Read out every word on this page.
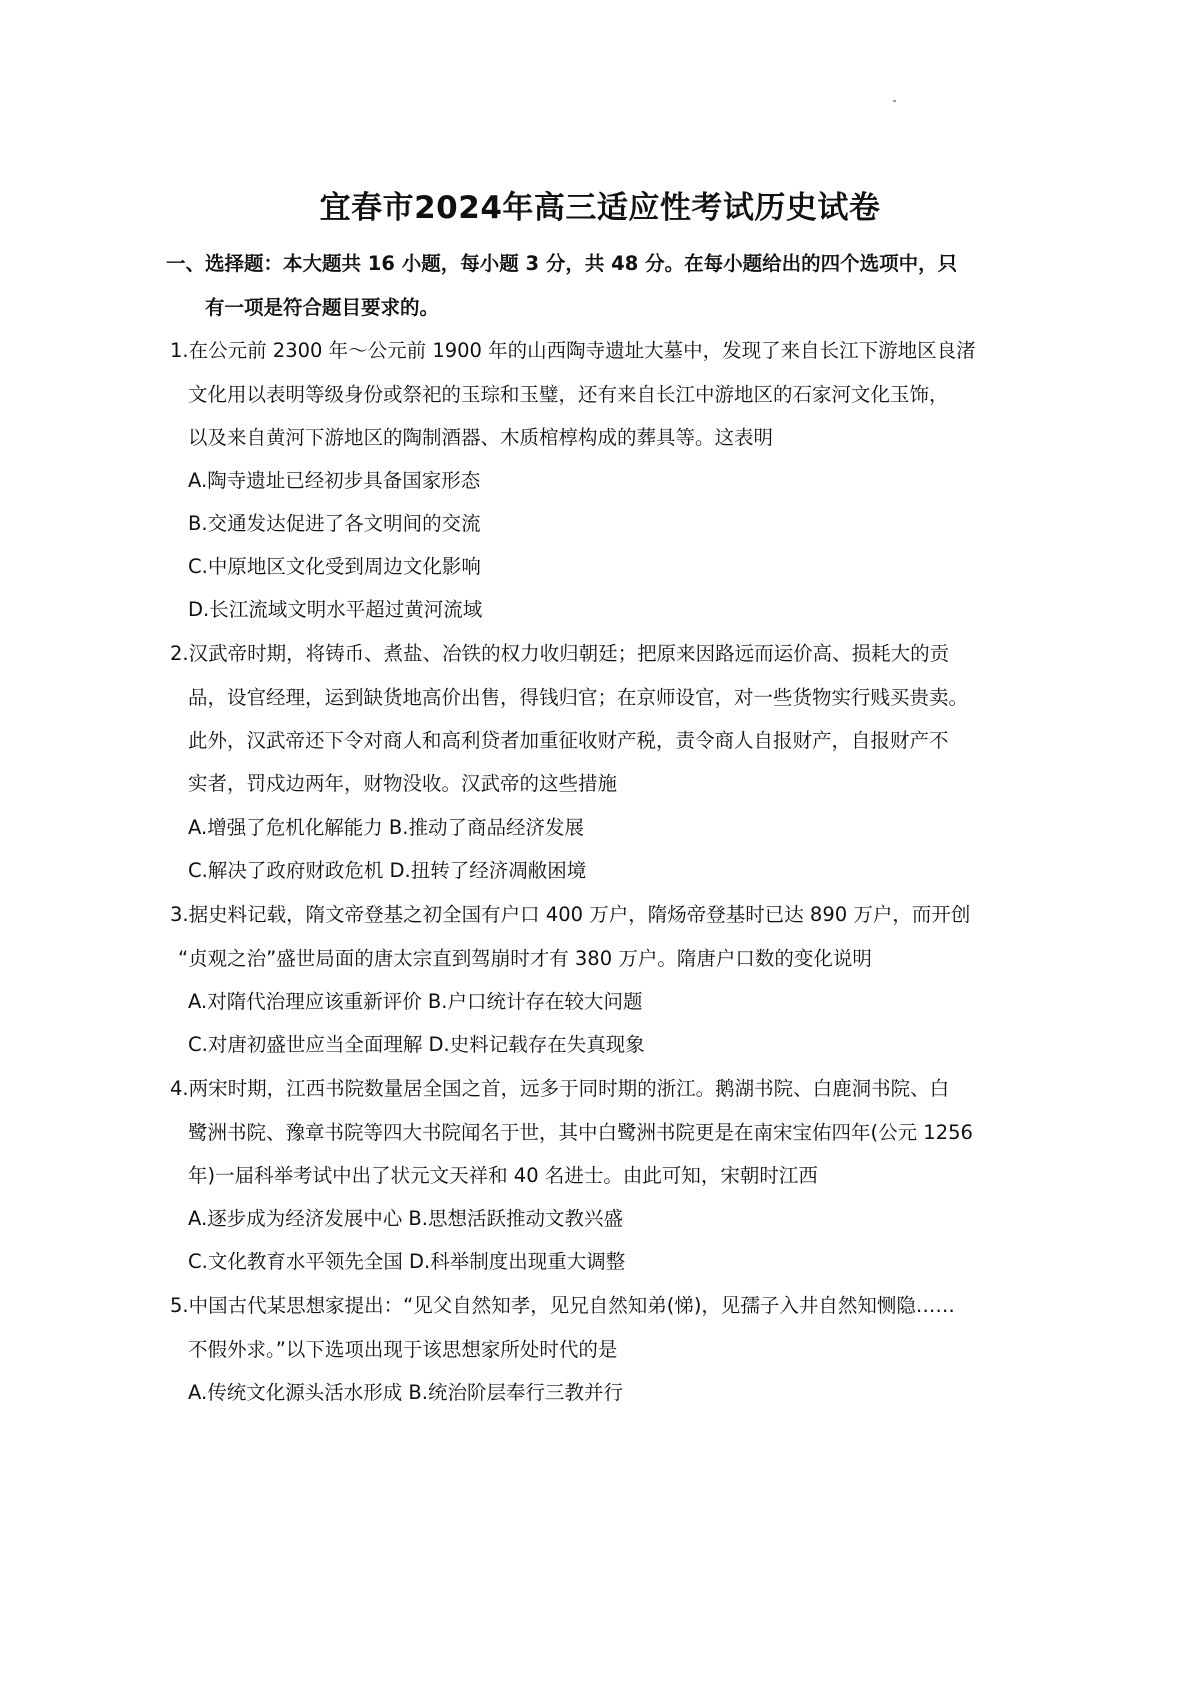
宜春市2024年高三适应性考试历史试卷
一、选择题：本大题共 16 小题，每小题 3 分，共 48 分。在每小题给出的四个选项中，只
有一项是符合题目要求的。
1.在公元前 2300 年～公元前 1900 年的山西陶寺遗址大墓中，发现了来自长江下游地区良渚
文化用以表明等级身份或祭祀的玉琮和玉璧，还有来自长江中游地区的石家河文化玉饰，
以及来自黄河下游地区的陶制酒器、木质棺椁构成的葬具等。这表明
A.陶寺遗址已经初步具备国家形态
B.交通发达促进了各文明间的交流
C.中原地区文化受到周边文化影响
D.长江流域文明水平超过黄河流域
2.汉武帝时期，将铸币、煮盐、冶铁的权力收归朝廷；把原来因路远而运价高、损耗大的贡
品，设官经理，运到缺货地高价出售，得钱归官；在京师设官，对一些货物实行贱买贵卖。
此外，汉武帝还下令对商人和高利贷者加重征收财产税，责令商人自报财产，自报财产不
实者，罚戍边两年，财物没收。汉武帝的这些措施
A.增强了危机化解能力 B.推动了商品经济发展
C.解决了政府财政危机 D.扭转了经济凋敝困境
3.据史料记载，隋文帝登基之初全国有户口 400 万户，隋炀帝登基时已达 890 万户，而开创
“贞观之治”盛世局面的唐太宗直到驾崩时才有 380 万户。隋唐户口数的变化说明
A.对隋代治理应该重新评价 B.户口统计存在较大问题
C.对唐初盛世应当全面理解 D.史料记载存在失真现象
4.两宋时期，江西书院数量居全国之首，远多于同时期的浙江。鹅湖书院、白鹿洞书院、白
鹭洲书院、豫章书院等四大书院闻名于世，其中白鹭洲书院更是在南宋宝佑四年(公元 1256
年)一届科举考试中出了状元文天祥和 40 名进士。由此可知，宋朝时江西
A.逐步成为经济发展中心 B.思想活跃推动文教兴盛
C.文化教育水平领先全国 D.科举制度出现重大调整
5.中国古代某思想家提出：“见父自然知孝，见兄自然知弟(悌)，见孺子入井自然知恻隐……
不假外求。”以下选项出现于该思想家所处时代的是
A.传统文化源头活水形成 B.统治阶层奉行三教并行
